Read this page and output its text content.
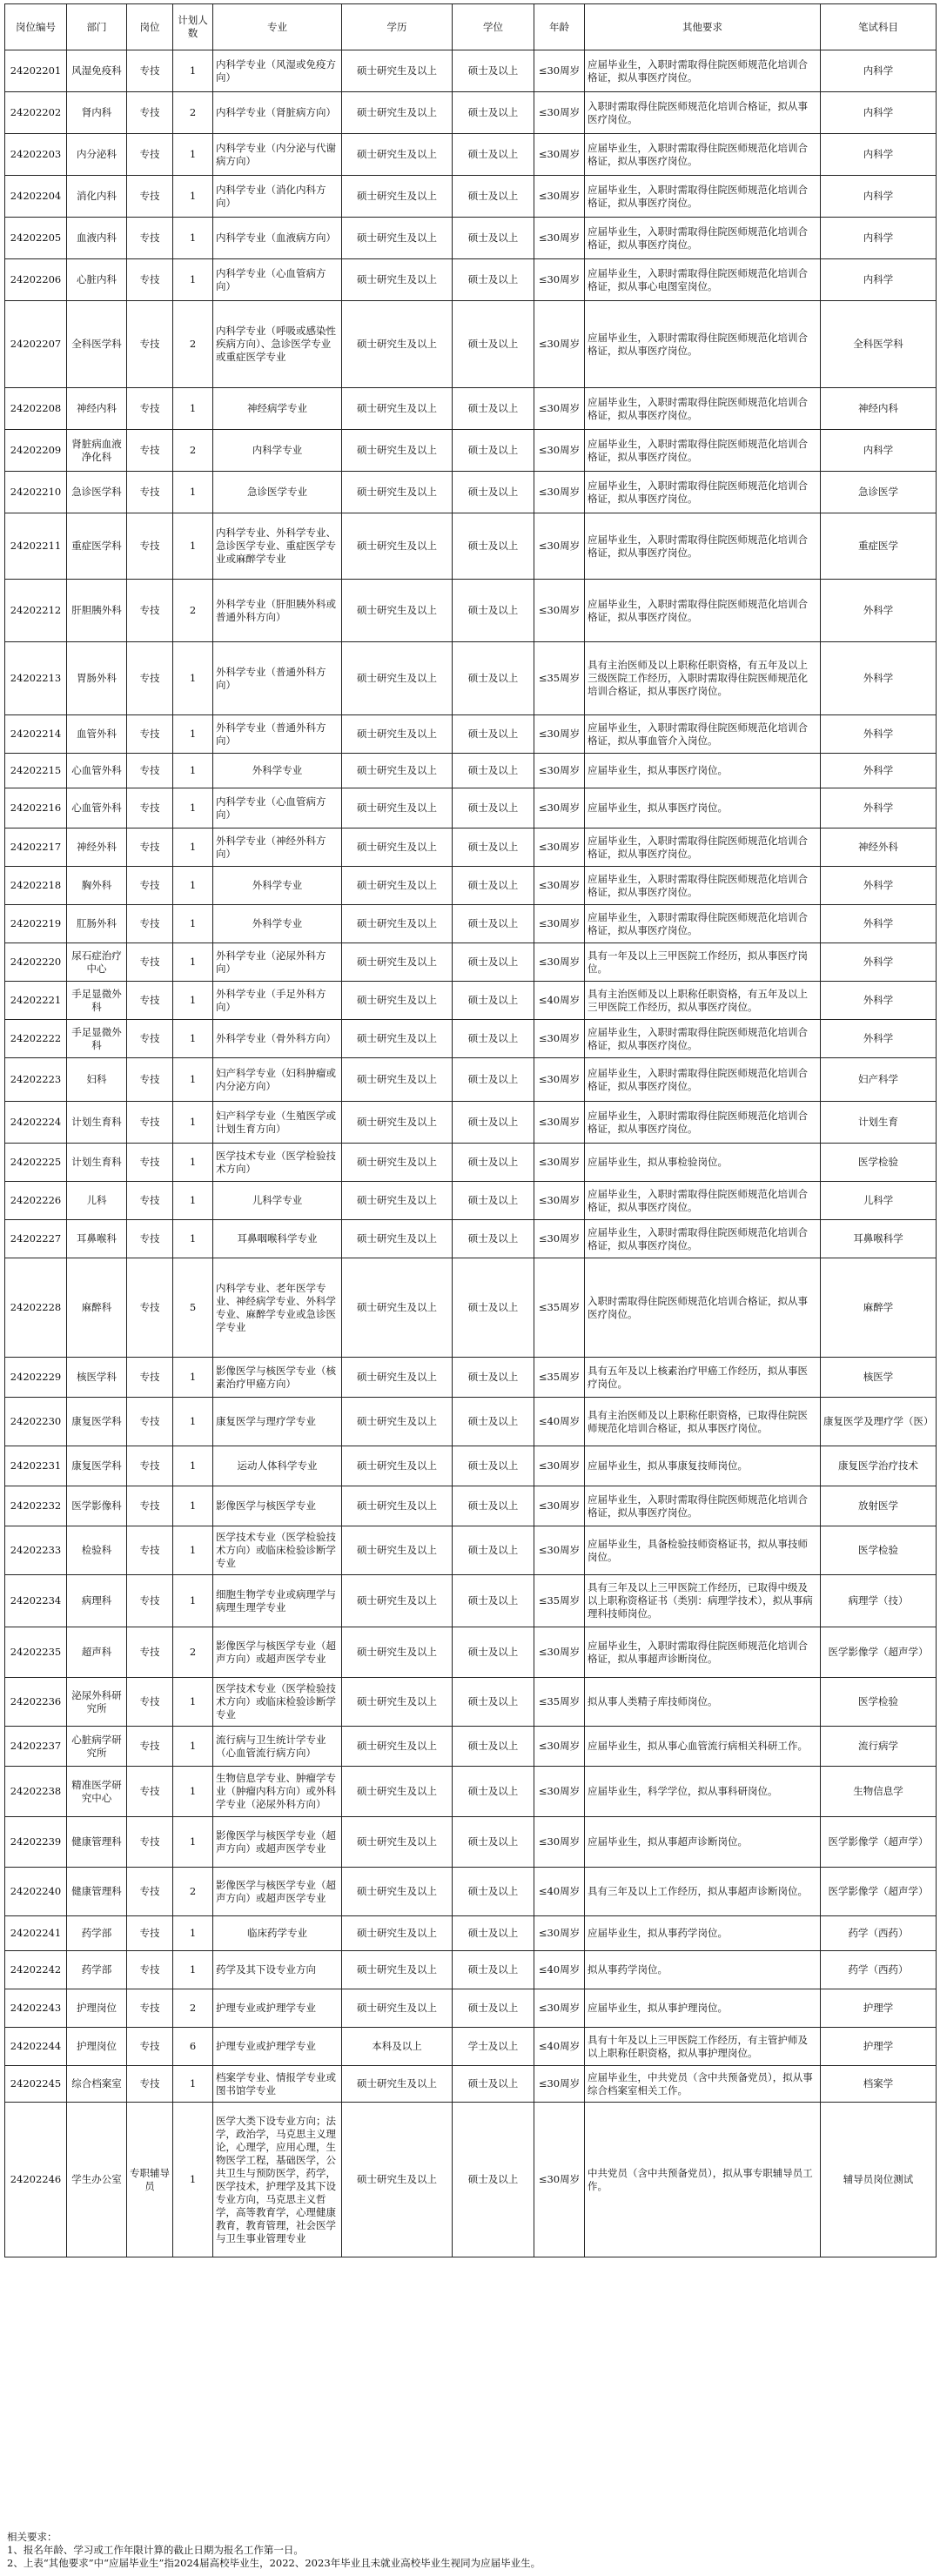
岗位编号	部门	岗位	计划人数	专业	学历	学位	年龄	其他要求	笔试科目
24202201	风湿免疫科	专技	1	内科学专业（风湿或免疫方向）	硕士研究生及以上	硕士及以上	≤30周岁	应届毕业生，入职时需取得住院医师规范化培训合格证，拟从事医疗岗位。	内科学
24202202	肾内科	专技	2	内科学专业（肾脏病方向）	硕士研究生及以上	硕士及以上	≤30周岁	入职时需取得住院医师规范化培训合格证，拟从事医疗岗位。	内科学
24202203	内分泌科	专技	1	内科学专业（内分泌与代谢病方向）	硕士研究生及以上	硕士及以上	≤30周岁	应届毕业生，入职时需取得住院医师规范化培训合格证，拟从事医疗岗位。	内科学
24202204	消化内科	专技	1	内科学专业（消化内科方向）	硕士研究生及以上	硕士及以上	≤30周岁	应届毕业生，入职时需取得住院医师规范化培训合格证，拟从事医疗岗位。	内科学
24202205	血液内科	专技	1	内科学专业（血液病方向）	硕士研究生及以上	硕士及以上	≤30周岁	应届毕业生，入职时需取得住院医师规范化培训合格证，拟从事医疗岗位。	内科学
24202206	心脏内科	专技	1	内科学专业（心血管病方向）	硕士研究生及以上	硕士及以上	≤30周岁	应届毕业生，入职时需取得住院医师规范化培训合格证，拟从事心电图室岗位。	内科学
24202207	全科医学科	专技	2	内科学专业（呼吸或感染性疾病方向）、急诊医学专业或重症医学专业	硕士研究生及以上	硕士及以上	≤30周岁	应届毕业生，入职时需取得住院医师规范化培训合格证，拟从事医疗岗位。	全科医学科
24202208	神经内科	专技	1	神经病学专业	硕士研究生及以上	硕士及以上	≤30周岁	应届毕业生，入职时需取得住院医师规范化培训合格证，拟从事医疗岗位。	神经内科
24202209	肾脏病血液净化科	专技	2	内科学专业	硕士研究生及以上	硕士及以上	≤30周岁	应届毕业生，入职时需取得住院医师规范化培训合格证，拟从事医疗岗位。	内科学
24202210	急诊医学科	专技	1	急诊医学专业	硕士研究生及以上	硕士及以上	≤30周岁	应届毕业生，入职时需取得住院医师规范化培训合格证，拟从事医疗岗位。	急诊医学
24202211	重症医学科	专技	1	内科学专业、外科学专业、急诊医学专业、重症医学专业或麻醉学专业	硕士研究生及以上	硕士及以上	≤30周岁	应届毕业生，入职时需取得住院医师规范化培训合格证，拟从事医疗岗位。	重症医学
24202212	肝胆胰外科	专技	2	外科学专业（肝胆胰外科或普通外科方向）	硕士研究生及以上	硕士及以上	≤30周岁	应届毕业生，入职时需取得住院医师规范化培训合格证，拟从事医疗岗位。	外科学
24202213	胃肠外科	专技	1	外科学专业（普通外科方向）	硕士研究生及以上	硕士及以上	≤35周岁	具有主治医师及以上职称任职资格，有五年及以上三级医院工作经历，入职时需取得住院医师规范化培训合格证，拟从事医疗岗位。	外科学
24202214	血管外科	专技	1	外科学专业（普通外科方向）	硕士研究生及以上	硕士及以上	≤30周岁	应届毕业生，入职时需取得住院医师规范化培训合格证，拟从事血管介入岗位。	外科学
24202215	心血管外科	专技	1	外科学专业	硕士研究生及以上	硕士及以上	≤30周岁	应届毕业生，拟从事医疗岗位。	外科学
24202216	心血管外科	专技	1	内科学专业（心血管病方向）	硕士研究生及以上	硕士及以上	≤30周岁	应届毕业生，拟从事医疗岗位。	外科学
24202217	神经外科	专技	1	外科学专业（神经外科方向）	硕士研究生及以上	硕士及以上	≤30周岁	应届毕业生，入职时需取得住院医师规范化培训合格证，拟从事医疗岗位。	神经外科
24202218	胸外科	专技	1	外科学专业	硕士研究生及以上	硕士及以上	≤30周岁	应届毕业生，入职时需取得住院医师规范化培训合格证，拟从事医疗岗位。	外科学
24202219	肛肠外科	专技	1	外科学专业	硕士研究生及以上	硕士及以上	≤30周岁	应届毕业生，入职时需取得住院医师规范化培训合格证，拟从事医疗岗位。	外科学
24202220	尿石症治疗中心	专技	1	外科学专业（泌尿外科方向）	硕士研究生及以上	硕士及以上	≤30周岁	具有一年及以上三甲医院工作经历，拟从事医疗岗位。	外科学
24202221	手足显微外科	专技	1	外科学专业（手足外科方向）	硕士研究生及以上	硕士及以上	≤40周岁	具有主治医师及以上职称任职资格，有五年及以上三甲医院工作经历，拟从事医疗岗位。	外科学
24202222	手足显微外科	专技	1	外科学专业（骨外科方向）	硕士研究生及以上	硕士及以上	≤30周岁	应届毕业生，入职时需取得住院医师规范化培训合格证，拟从事医疗岗位。	外科学
24202223	妇科	专技	1	妇产科学专业（妇科肿瘤或内分泌方向）	硕士研究生及以上	硕士及以上	≤30周岁	应届毕业生，入职时需取得住院医师规范化培训合格证，拟从事医疗岗位。	妇产科学
24202224	计划生育科	专技	1	妇产科学专业（生殖医学或计划生育方向）	硕士研究生及以上	硕士及以上	≤30周岁	应届毕业生，入职时需取得住院医师规范化培训合格证，拟从事医疗岗位。	计划生育
24202225	计划生育科	专技	1	医学技术专业（医学检验技术方向）	硕士研究生及以上	硕士及以上	≤30周岁	应届毕业生，拟从事检验岗位。	医学检验
24202226	儿科	专技	1	儿科学专业	硕士研究生及以上	硕士及以上	≤30周岁	应届毕业生，入职时需取得住院医师规范化培训合格证，拟从事医疗岗位。	儿科学
24202227	耳鼻喉科	专技	1	耳鼻咽喉科学专业	硕士研究生及以上	硕士及以上	≤30周岁	应届毕业生，入职时需取得住院医师规范化培训合格证，拟从事医疗岗位。	耳鼻喉科学
24202228	麻醉科	专技	5	内科学专业、老年医学专业、神经病学专业、外科学专业、麻醉学专业或急诊医学专业	硕士研究生及以上	硕士及以上	≤35周岁	入职时需取得住院医师规范化培训合格证，拟从事医疗岗位。	麻醉学
24202229	核医学科	专技	1	影像医学与核医学专业（核素治疗甲癌方向）	硕士研究生及以上	硕士及以上	≤35周岁	具有五年及以上核素治疗甲癌工作经历，拟从事医疗岗位。	核医学
24202230	康复医学科	专技	1	康复医学与理疗学专业	硕士研究生及以上	硕士及以上	≤40周岁	具有主治医师及以上职称任职资格，已取得住院医师规范化培训合格证，拟从事医疗岗位。	康复医学及理疗学（医）
24202231	康复医学科	专技	1	运动人体科学专业	硕士研究生及以上	硕士及以上	≤30周岁	应届毕业生，拟从事康复技师岗位。	康复医学治疗技术
24202232	医学影像科	专技	1	影像医学与核医学专业	硕士研究生及以上	硕士及以上	≤30周岁	应届毕业生，入职时需取得住院医师规范化培训合格证，拟从事医疗岗位。	放射医学
24202233	检验科	专技	1	医学技术专业（医学检验技术方向）或临床检验诊断学专业	硕士研究生及以上	硕士及以上	≤30周岁	应届毕业生，具备检验技师资格证书，拟从事技师岗位。	医学检验
24202234	病理科	专技	1	细胞生物学专业或病理学与病理生理学专业	硕士研究生及以上	硕士及以上	≤35周岁	具有三年及以上三甲医院工作经历，已取得中级及以上职称资格证书（类别：病理学技术），拟从事病理科技师岗位。	病理学（技）
24202235	超声科	专技	2	影像医学与核医学专业（超声方向）或超声医学专业	硕士研究生及以上	硕士及以上	≤30周岁	应届毕业生，入职时需取得住院医师规范化培训合格证，拟从事超声诊断岗位。	医学影像学（超声学）
24202236	泌尿外科研究所	专技	1	医学技术专业（医学检验技术方向）或临床检验诊断学专业	硕士研究生及以上	硕士及以上	≤35周岁	拟从事人类精子库技师岗位。	医学检验
24202237	心脏病学研究所	专技	1	流行病与卫生统计学专业（心血管流行病方向）	硕士研究生及以上	硕士及以上	≤30周岁	应届毕业生，拟从事心血管流行病相关科研工作。	流行病学
24202238	精准医学研究中心	专技	1	生物信息学专业、肿瘤学专业（肿瘤内科方向）或外科学专业（泌尿外科方向）	硕士研究生及以上	硕士及以上	≤30周岁	应届毕业生，科学学位，拟从事科研岗位。	生物信息学
24202239	健康管理科	专技	1	影像医学与核医学专业（超声方向）或超声医学专业	硕士研究生及以上	硕士及以上	≤30周岁	应届毕业生，拟从事超声诊断岗位。	医学影像学（超声学）
24202240	健康管理科	专技	2	影像医学与核医学专业（超声方向）或超声医学专业	硕士研究生及以上	硕士及以上	≤40周岁	具有三年及以上工作经历，拟从事超声诊断岗位。	医学影像学（超声学）
24202241	药学部	专技	1	临床药学专业	硕士研究生及以上	硕士及以上	≤30周岁	应届毕业生，拟从事药学岗位。	药学（西药）
24202242	药学部	专技	1	药学及其下设专业方向	硕士研究生及以上	硕士及以上	≤40周岁	拟从事药学岗位。	药学（西药）
24202243	护理岗位	专技	2	护理专业或护理学专业	硕士研究生及以上	硕士及以上	≤30周岁	应届毕业生，拟从事护理岗位。	护理学
24202244	护理岗位	专技	6	护理专业或护理学专业	本科及以上	学士及以上	≤40周岁	具有十年及以上三甲医院工作经历，有主管护师及以上职称任职资格，拟从事护理岗位。	护理学
24202245	综合档案室	专技	1	档案学专业、情报学专业或图书馆学专业	硕士研究生及以上	硕士及以上	≤30周岁	应届毕业生，中共党员（含中共预备党员），拟从事综合档案室相关工作。	档案学
24202246	学生办公室	专职辅导员	1	医学大类下设专业方向；法学，政治学，马克思主义理论，心理学，应用心理，生物医学工程，基础医学，公共卫生与预防医学，药学，医学技术，护理学及其下设专业方向，马克思主义哲学，高等教育学，心理健康教育，教育管理，社会医学与卫生事业管理专业	硕士研究生及以上	硕士及以上	≤30周岁	中共党员（含中共预备党员），拟从事专职辅导员工作。	辅导员岗位测试
相关要求：
1、报名年龄、学习或工作年限计算的截止日期为报名工作第一日。
2、上表“其他要求”中“应届毕业生”指2024届高校毕业生，2022、2023年毕业且未就业高校毕业生视同为应届毕业生。
